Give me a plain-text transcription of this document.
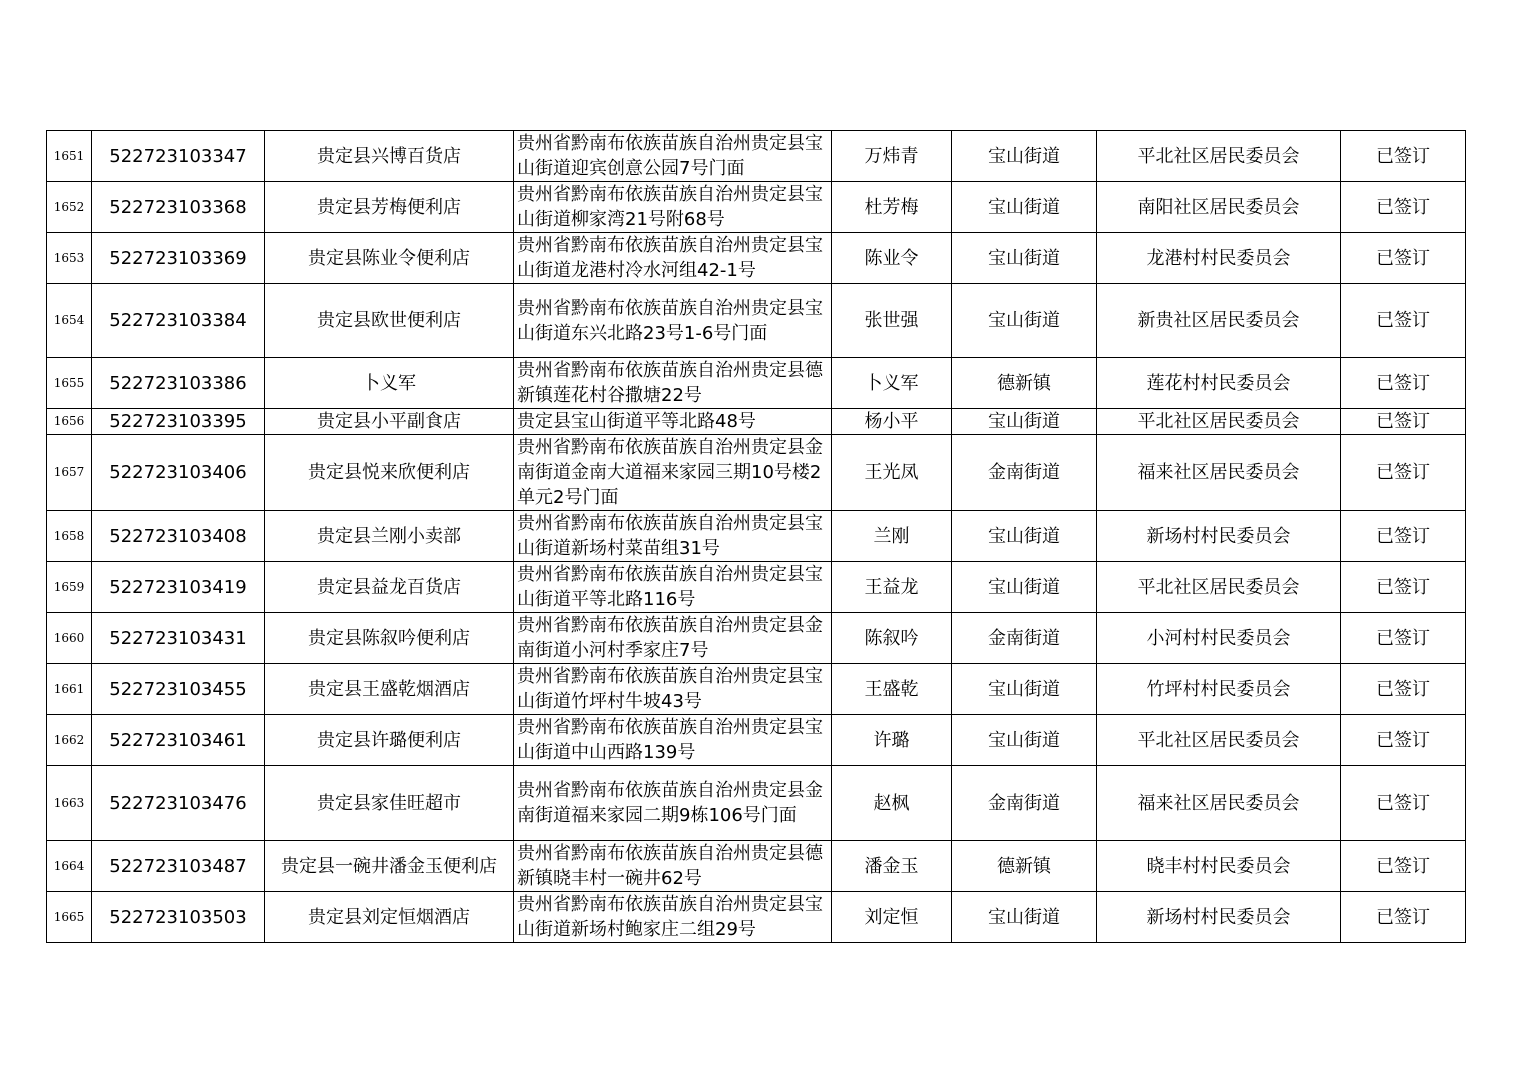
1651	522723103347	贵定县兴博百货店	贵州省黔南布依族苗族自治州贵定县宝山街道迎宾创意公园7号门面	万炜青	宝山街道	平北社区居民委员会	已签订
1652	522723103368	贵定县芳梅便利店	贵州省黔南布依族苗族自治州贵定县宝山街道柳家湾21号附68号	杜芳梅	宝山街道	南阳社区居民委员会	已签订
1653	522723103369	贵定县陈业令便利店	贵州省黔南布依族苗族自治州贵定县宝山街道龙港村冷水河组42-1号	陈业令	宝山街道	龙港村村民委员会	已签订
1654	522723103384	贵定县欧世便利店	贵州省黔南布依族苗族自治州贵定县宝山街道东兴北路23号1-6号门面	张世强	宝山街道	新贵社区居民委员会	已签订
1655	522723103386	卜义军	贵州省黔南布依族苗族自治州贵定县德新镇莲花村谷撒塘22号	卜义军	德新镇	莲花村村民委员会	已签订
1656	522723103395	贵定县小平副食店	贵定县宝山街道平等北路48号	杨小平	宝山街道	平北社区居民委员会	已签订
1657	522723103406	贵定县悦来欣便利店	贵州省黔南布依族苗族自治州贵定县金南街道金南大道福来家园三期10号楼2单元2号门面	王光凤	金南街道	福来社区居民委员会	已签订
1658	522723103408	贵定县兰刚小卖部	贵州省黔南布依族苗族自治州贵定县宝山街道新场村菜苗组31号	兰刚	宝山街道	新场村村民委员会	已签订
1659	522723103419	贵定县益龙百货店	贵州省黔南布依族苗族自治州贵定县宝山街道平等北路116号	王益龙	宝山街道	平北社区居民委员会	已签订
1660	522723103431	贵定县陈叙吟便利店	贵州省黔南布依族苗族自治州贵定县金南街道小河村季家庄7号	陈叙吟	金南街道	小河村村民委员会	已签订
1661	522723103455	贵定县王盛乾烟酒店	贵州省黔南布依族苗族自治州贵定县宝山街道竹坪村牛坡43号	王盛乾	宝山街道	竹坪村村民委员会	已签订
1662	522723103461	贵定县许璐便利店	贵州省黔南布依族苗族自治州贵定县宝山街道中山西路139号	许璐	宝山街道	平北社区居民委员会	已签订
1663	522723103476	贵定县家佳旺超市	贵州省黔南布依族苗族自治州贵定县金南街道福来家园二期9栋106号门面	赵枫	金南街道	福来社区居民委员会	已签订
1664	522723103487	贵定县一碗井潘金玉便利店	贵州省黔南布依族苗族自治州贵定县德新镇晓丰村一碗井62号	潘金玉	德新镇	晓丰村村民委员会	已签订
1665	522723103503	贵定县刘定恒烟酒店	贵州省黔南布依族苗族自治州贵定县宝山街道新场村鲍家庄二组29号	刘定恒	宝山街道	新场村村民委员会	已签订
